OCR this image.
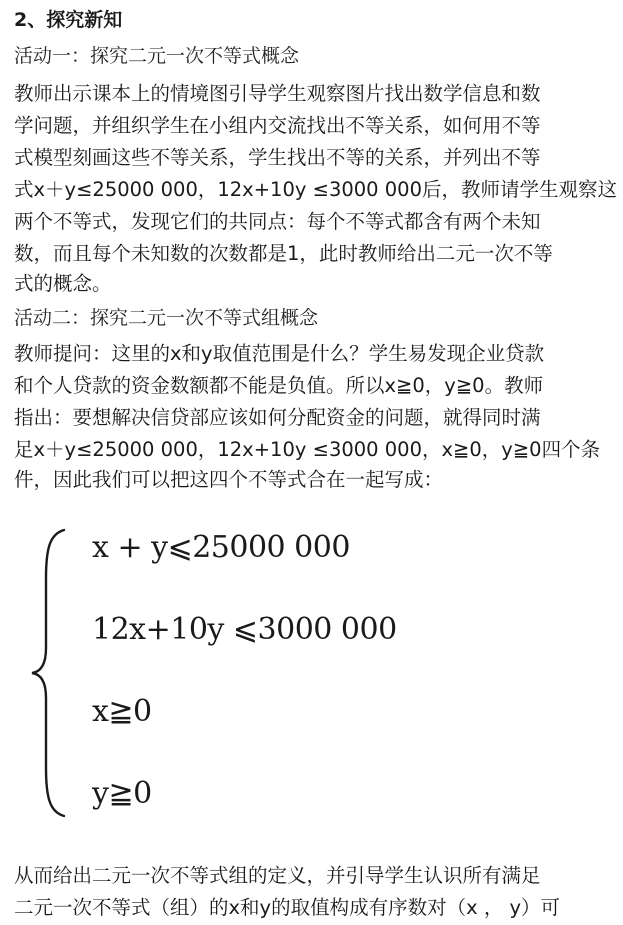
2、探究新知
活动一：探究二元一次不等式概念
教师出示课本上的情境图引导学生观察图片找出数学信息和数
学问题，并组织学生在小组内交流找出不等关系，如何用不等
式模型刻画这些不等关系，学生找出不等的关系，并列出不等
式x＋y≤25000 000，12x+10y ≤3000 000后，教师请学生观察这
两个不等式，发现它们的共同点：每个不等式都含有两个未知
数，而且每个未知数的次数都是1，此时教师给出二元一次不等
式的概念。
活动二：探究二元一次不等式组概念
教师提问：这里的x和y取值范围是什么？学生易发现企业贷款
和个人贷款的资金数额都不能是负值。所以x≧0，y≧0。教师
指出：要想解决信贷部应该如何分配资金的问题，就得同时满
足x＋y≤25000 000，12x+10y ≤3000 000，x≧0，y≧0四个条
件，因此我们可以把这四个不等式合在一起写成：
x + y⩽25000 000
12x+10y ⩽3000 000
x≧0
y≧0
从而给出二元一次不等式组的定义，并引导学生认识所有满足
二元一次不等式（组）的x和y的取值构成有序数对（x ， y）可
